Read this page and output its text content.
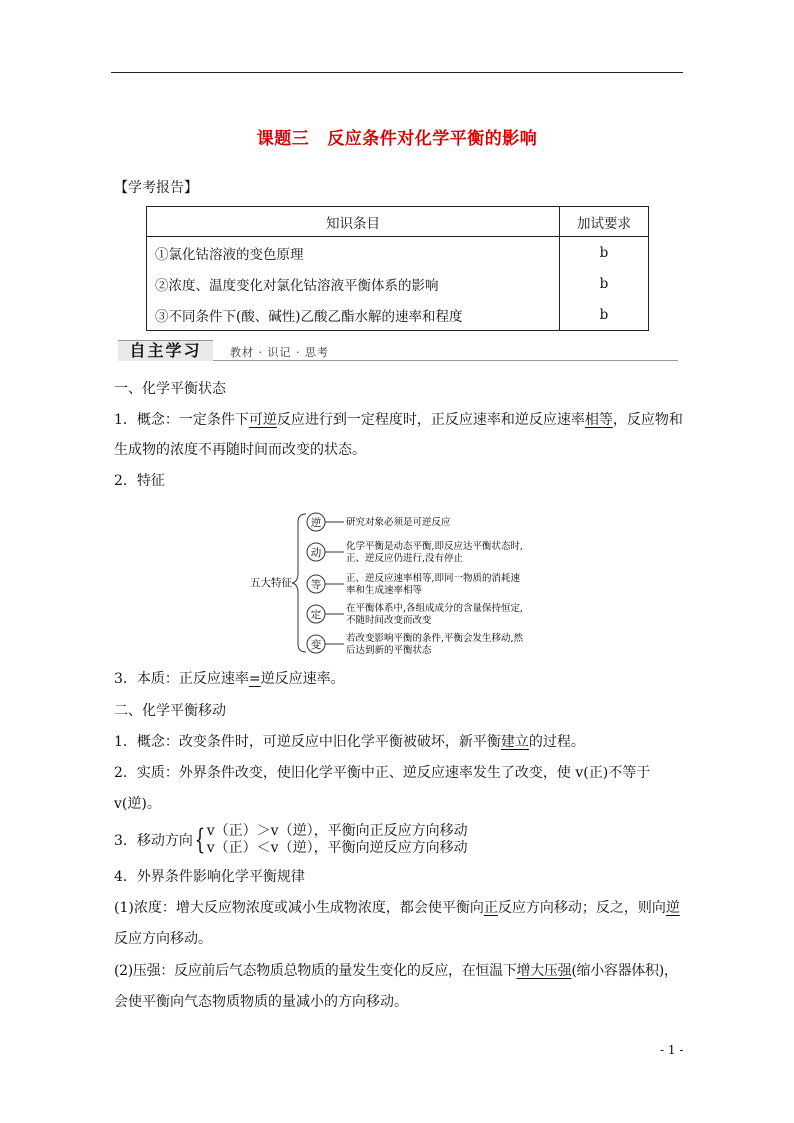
课题三 反应条件对化学平衡的影响
【学考报告】
知识条目	加试要求
①氯化钴溶液的变色原理	b
②浓度、温度变化对氯化钴溶液平衡体系的影响	b
③不同条件下(酸、碱性)乙酸乙酯水解的速率和程度	b
自主学习	教材 · 识记 · 思考
一、化学平衡状态
1．概念：一定条件下可逆反应进行到一定程度时，正反应速率和逆反应速率相等，反应物和
生成物的浓度不再随时间而改变的状态。
2．特征
五大特征
逆	研究对象必须是可逆反应
动
化学平衡是动态平衡,即反应达平衡状态时,
正、逆反应仍进行,没有停止
等
正、逆反应速率相等,即同一物质的消耗速
率和生成速率相等
定
在平衡体系中,各组成成分的含量保持恒定,
不随时间改变而改变
变
若改变影响平衡的条件,平衡会发生移动,然
后达到新的平衡状态
3．本质：正反应速率=逆反应速率。
二、化学平衡移动
1．概念：改变条件时，可逆反应中旧化学平衡被破坏，新平衡建立的过程。
2．实质：外界条件改变，使旧化学平衡中正、逆反应速率发生了改变，使 v(正)不等于
v(逆)。
3．移动方向{ v（正）＞v（逆），平衡向正反应方向移动
v（正）＜v（逆），平衡向逆反应方向移动
4．外界条件影响化学平衡规律
(1)浓度：增大反应物浓度或减小生成物浓度，都会使平衡向正反应方向移动；反之，则向逆
反应方向移动。
(2)压强：反应前后气态物质总物质的量发生变化的反应，在恒温下增大压强(缩小容器体积)，
会使平衡向气态物质物质的量减小的方向移动。
- 1 -
